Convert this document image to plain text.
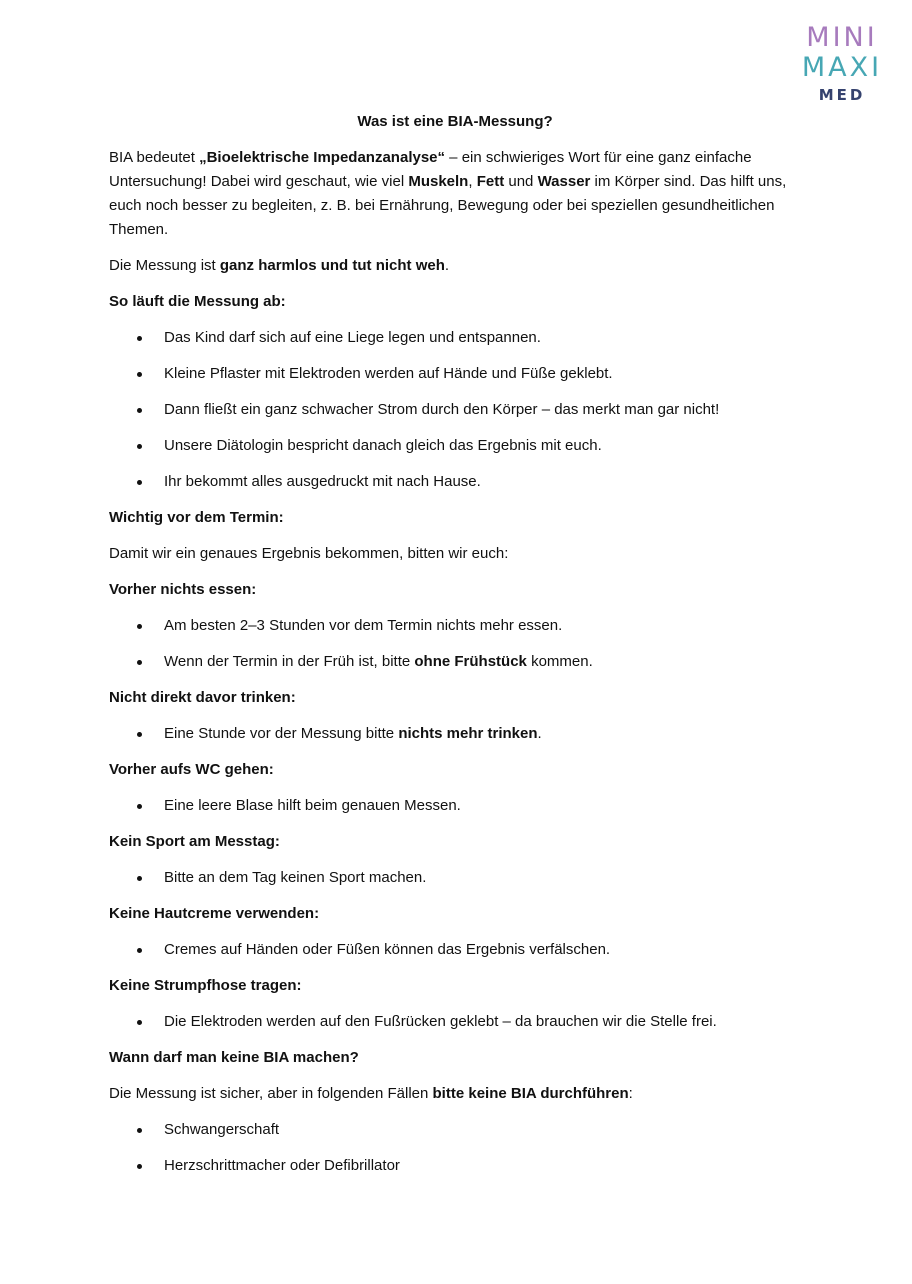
MINI
MAXI
MED
Was ist eine BIA-Messung?

BIA bedeutet „Bioelektrische Impedanzanalyse“ – ein schwieriges Wort für eine ganz einfache Untersuchung! Dabei wird geschaut, wie viel Muskeln, Fett und Wasser im Körper sind. Das hilft uns, euch noch besser zu begleiten, z. B. bei Ernährung, Bewegung oder bei speziellen gesundheitlichen Themen.

Die Messung ist ganz harmlos und tut nicht weh.

So läuft die Messung ab:
Das Kind darf sich auf eine Liege legen und entspannen.
Kleine Pflaster mit Elektroden werden auf Hände und Füße geklebt.
Dann fließt ein ganz schwacher Strom durch den Körper – das merkt man gar nicht!
Unsere Diätologin bespricht danach gleich das Ergebnis mit euch.
Ihr bekommt alles ausgedruckt mit nach Hause.
Wichtig vor dem Termin:

Damit wir ein genaues Ergebnis bekommen, bitten wir euch:

Vorher nichts essen:
Am besten 2–3 Stunden vor dem Termin nichts mehr essen.
Wenn der Termin in der Früh ist, bitte ohne Frühstück kommen.
Nicht direkt davor trinken:
Eine Stunde vor der Messung bitte nichts mehr trinken.
Vorher aufs WC gehen:
Eine leere Blase hilft beim genauen Messen.
Kein Sport am Messtag:
Bitte an dem Tag keinen Sport machen.
Keine Hautcreme verwenden:
Cremes auf Händen oder Füßen können das Ergebnis verfälschen.
Keine Strumpfhose tragen:
Die Elektroden werden auf den Fußrücken geklebt – da brauchen wir die Stelle frei.
Wann darf man keine BIA machen?

Die Messung ist sicher, aber in folgenden Fällen bitte keine BIA durchführen:

Schwangerschaft
Herzschrittmacher oder Defibrillator
